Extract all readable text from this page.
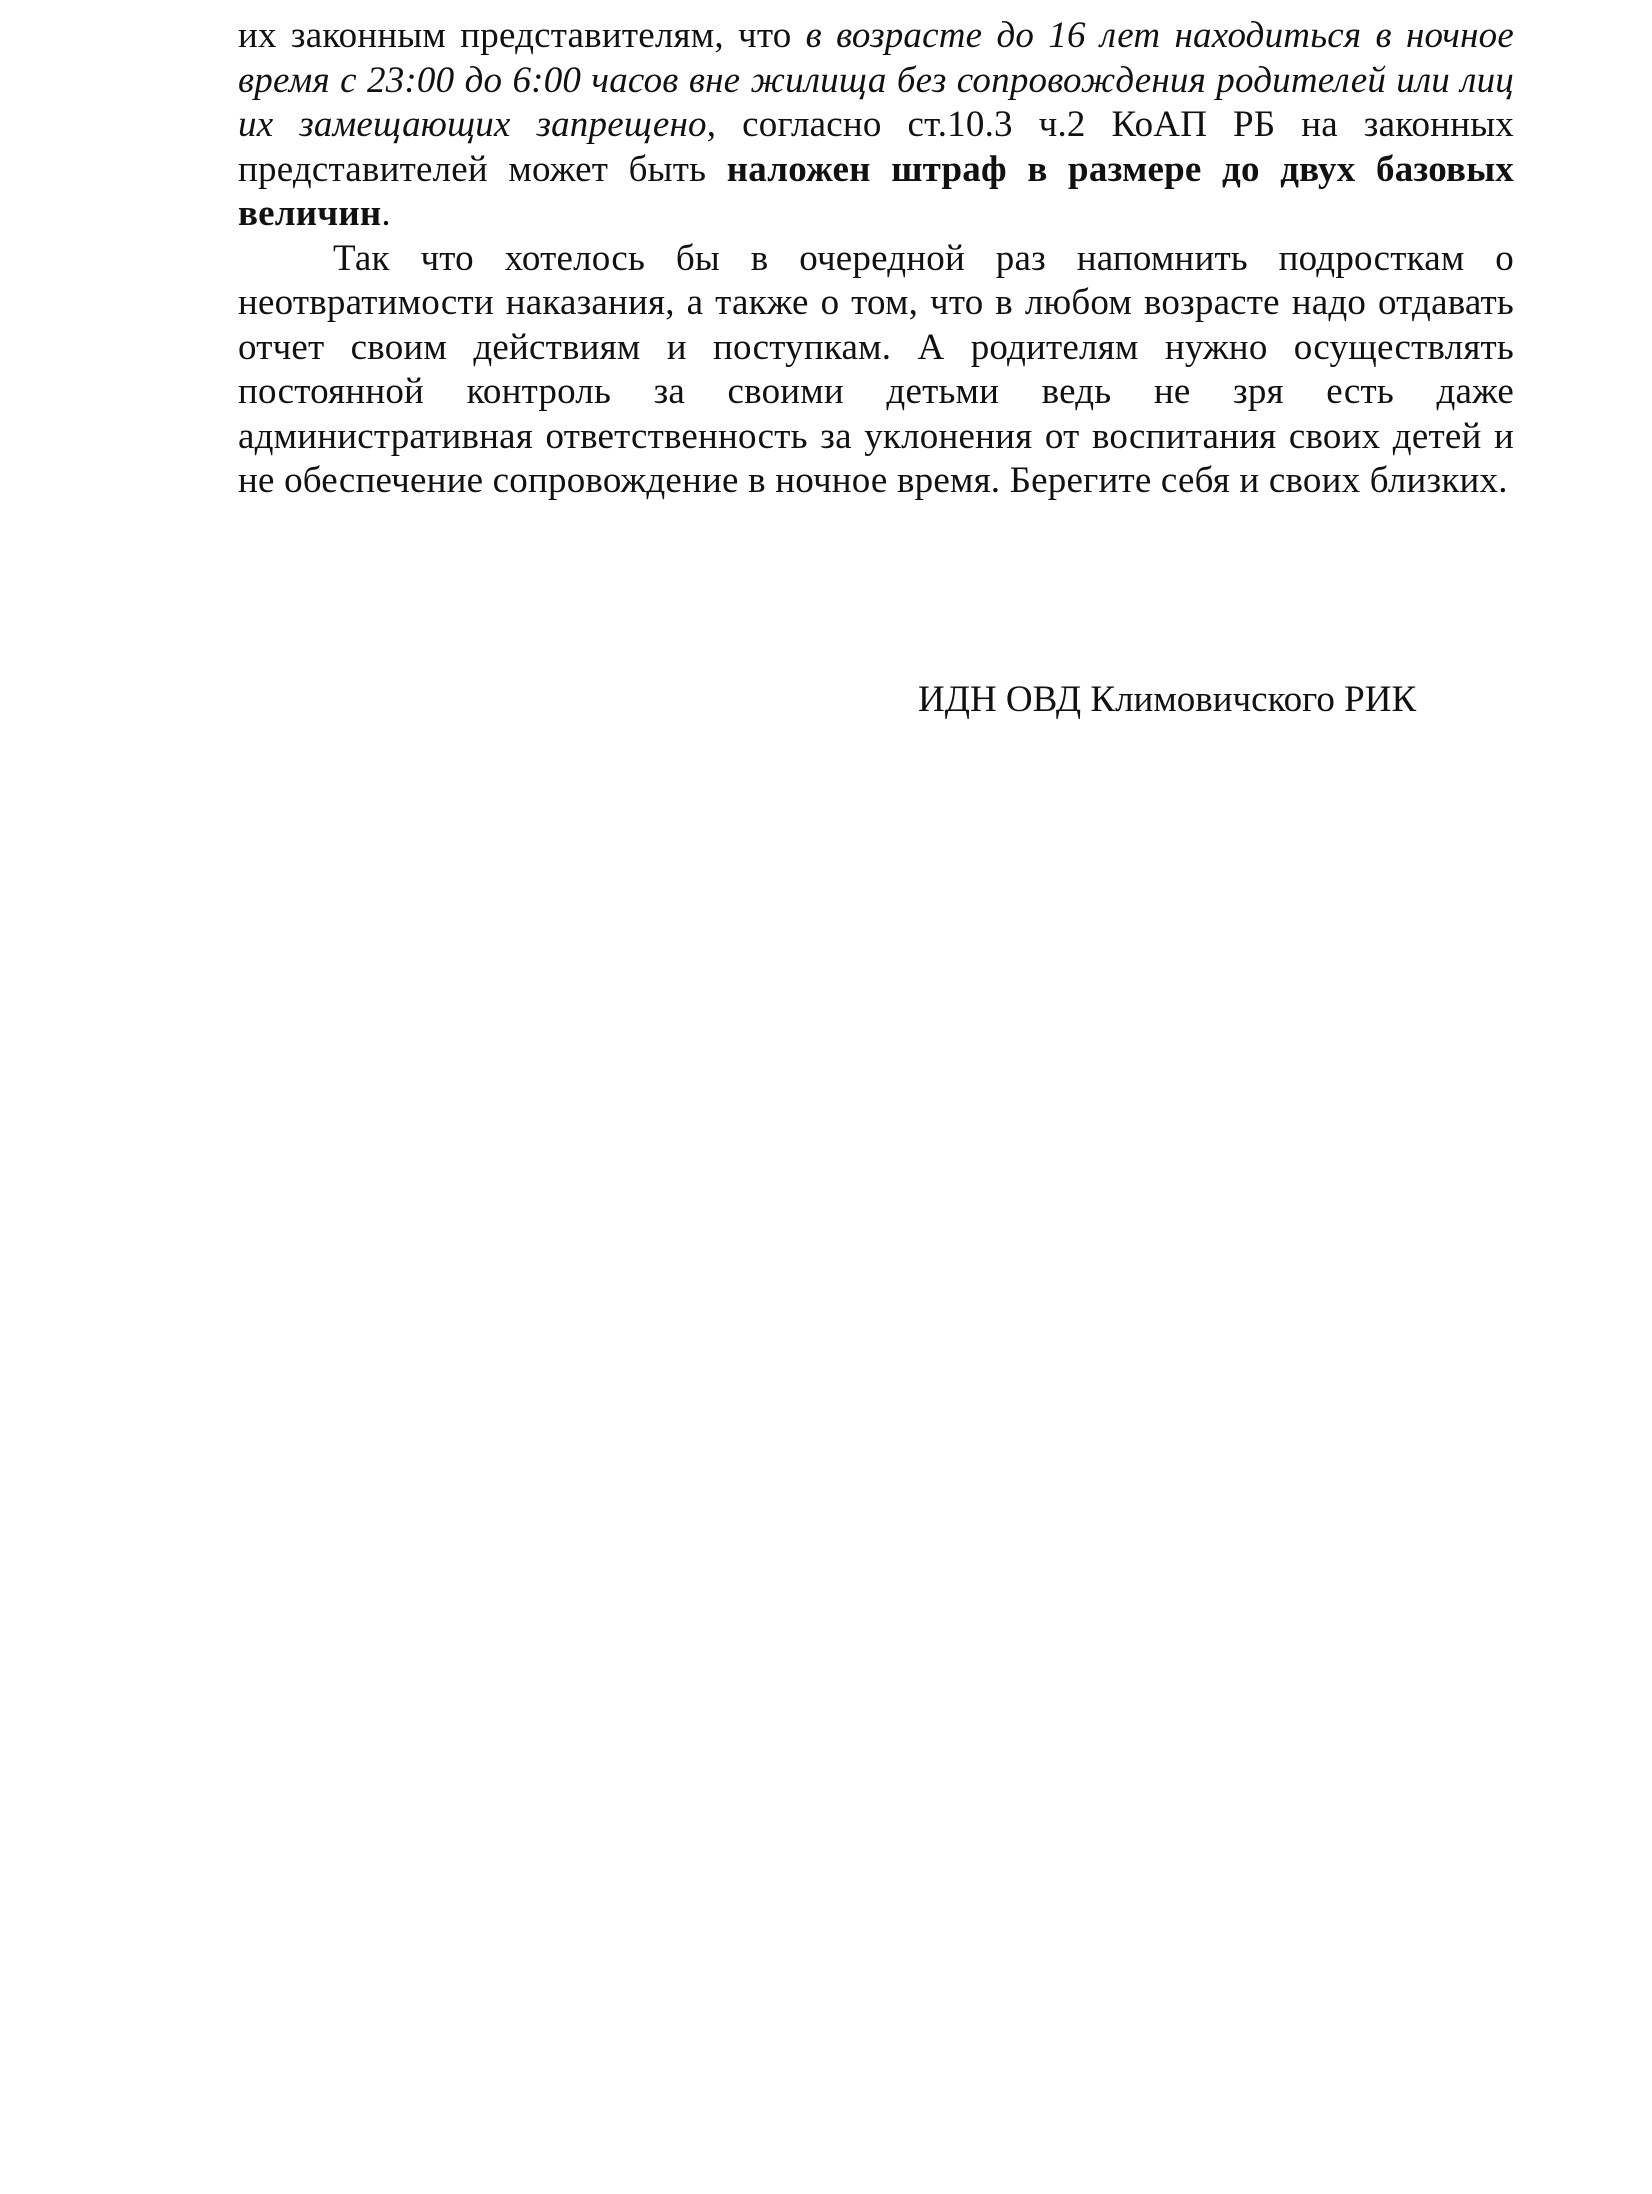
их законным представителям, что в возрасте до 16 лет находиться в ночное время с 23:00 до 6:00 часов вне жилища без сопровождения родителей или лиц их замещающих запрещено, согласно ст.10.3 ч.2 КоАП РБ на законных представителей может быть наложен штраф в размере до двух базовых величин.

Так что хотелось бы в очередной раз напомнить подросткам о неотвратимости наказания, а также о том, что в любом возрасте надо отдавать отчет своим действиям и поступкам. А родителям нужно осуществлять постоянной контроль за своими детьми ведь не зря есть даже административная ответственность за уклонения от воспитания своих детей и не обеспечение сопровождение в ночное время. Берегите себя и своих близких.

ИДН ОВД Климовичского РИК
